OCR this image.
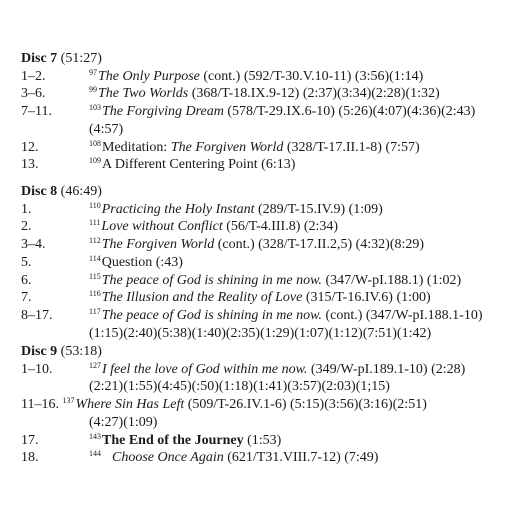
Disc 7 (51:27)
1–2.	$^{97}$The Only Purpose (cont.) (592/T-30.V.10-11) (3:56)(1:14)
3–6.	$^{99}$The Two Worlds (368/T-18.IX.9-12) (2:37)(3:34)(2:28)(1:32)
7–11.	$^{103}$The Forgiving Dream (578/T-29.IX.6-10) (5:26)(4:07)(4:36)(2:43)
(4:57)
12.	$^{108}$Meditation: The Forgiven World (328/T-17.II.1-8) (7:57)
13.	$^{109}$A Different Centering Point (6:13)
Disc 8 (46:49)
1.	$^{110}$Practicing the Holy Instant (289/T-15.IV.9) (1:09)
2.	$^{111}$Love without Conflict (56/T-4.III.8) (2:34)
3–4.	$^{112}$The Forgiven World (cont.) (328/T-17.II.2,5) (4:32)(8:29)
5.	$^{114}$Question (:43)
6.	$^{115}$The peace of God is shining in me now. (347/W-pI.188.1) (1:02)
7.	$^{116}$The Illusion and the Reality of Love (315/T-16.IV.6) (1:00)
8–17.	$^{117}$The peace of God is shining in me now. (cont.) (347/W-pI.188.1-10)
(1:15)(2:40)(5:38)(1:40)(2:35)(1:29)(1:07)(1:12)(7:51)(1:42)
Disc 9 (53:18)
1–10.	$^{127}$I feel the love of God within me now. (349/W-pI.189.1-10) (2:28)
(2:21)(1:55)(4:45)(:50)(1:18)(1:41)(3:57)(2:03)(1;15)
11–16. $^{137}$Where Sin Has Left (509/T-26.IV.1-6) (5:15)(3:56)(3:16)(2:51)
(4:27)(1:09)
17.	$^{143}$The End of the Journey (1:53)
18.	$^{144}$ Choose Once Again (621/T31.VIII.7-12) (7:49)
